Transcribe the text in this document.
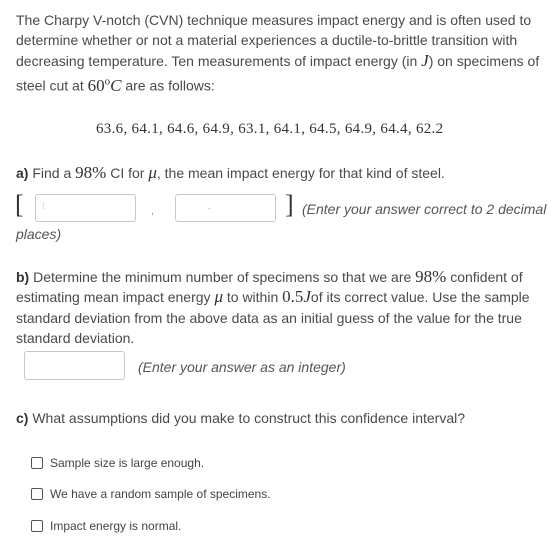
The Charpy V-notch (CVN) technique measures impact energy and is often used to determine whether or not a material experiences a ductile-to-brittle transition with decreasing temperature. Ten measurements of impact energy (in J) on specimens of steel cut at 60$^o$C are as follows:
63.6, 64.1, 64.6, 64.9, 63.1, 64.1, 64.5, 64.9, 64.4, 62.2
a) Find a 98% CI for μ, the mean impact energy for that kind of steel.
[ ⁝	,	-	] (Enter your answer correct to 2 decimal
places)
b) Determine the minimum number of specimens so that we are 98% confident of estimating mean impact energy μ to within 0.5Jof its correct value. Use the sample standard deviation from the above data as an initial guess of the value for the true standard deviation.
(Enter your answer as an integer)
c) What assumptions did you make to construct this confidence interval?
Sample size is large enough.
We have a random sample of specimens.
Impact energy is normal.
